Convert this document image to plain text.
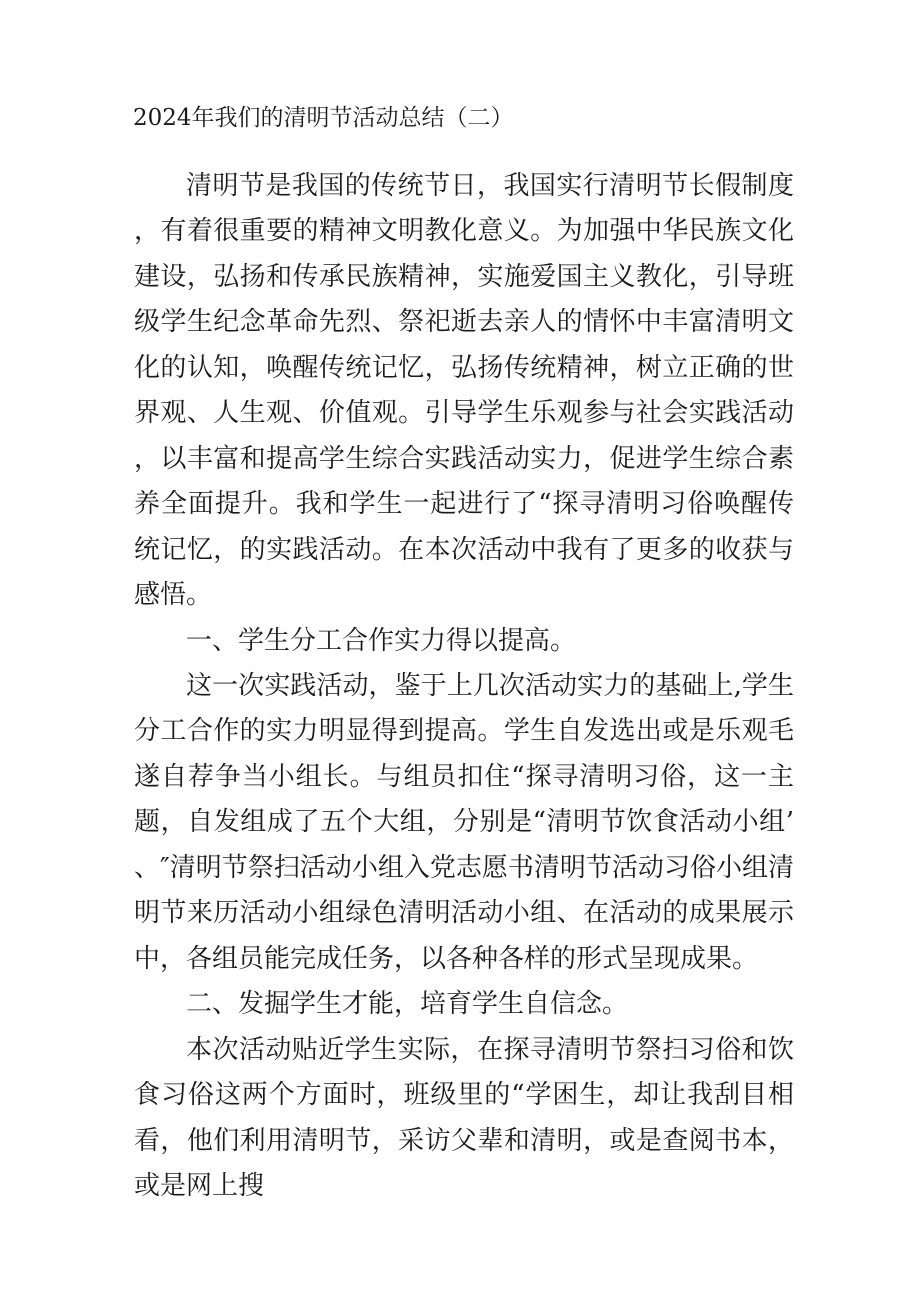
2024年我们的清明节活动总结（二）

清明节是我国的传统节日，我国实行清明节长假制度，有着很重要的精神文明教化意义。为加强中华民族文化建设，弘扬和传承民族精神，实施爱国主义教化，引导班级学生纪念革命先烈、祭祀逝去亲人的情怀中丰富清明文化的认知，唤醒传统记忆，弘扬传统精神，树立正确的世界观、人生观、价值观。引导学生乐观参与社会实践活动，以丰富和提高学生综合实践活动实力，促进学生综合素养全面提升。我和学生一起进行了“探寻清明习俗唤醒传统记忆，的实践活动。在本次活动中我有了更多的收获与感悟。

一、学生分工合作实力得以提高。

这一次实践活动，鉴于上几次活动实力的基础上,学生分工合作的实力明显得到提高。学生自发选出或是乐观毛遂自荐争当小组长。与组员扣住“探寻清明习俗，这一主题，自发组成了五个大组，分别是“清明节饮食活动小组’、″清明节祭扫活动小组入党志愿书清明节活动习俗小组清明节来历活动小组绿色清明活动小组、在活动的成果展示中，各组员能完成任务，以各种各样的形式呈现成果。

二、发掘学生才能，培育学生自信念。

本次活动贴近学生实际，在探寻清明节祭扫习俗和饮食习俗这两个方面时，班级里的“学困生，却让我刮目相看，他们利用清明节，采访父辈和清明，或是查阅书本，或是网上搜
